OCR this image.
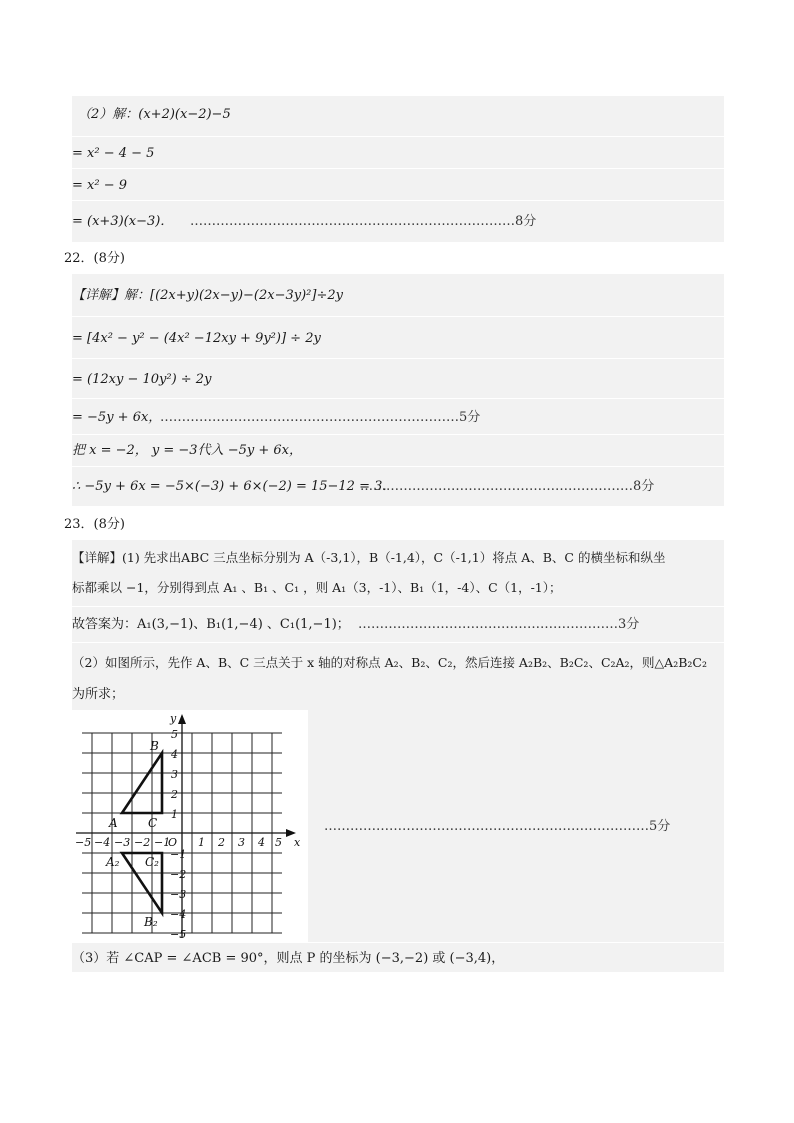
（2）解：(x+2)(x−2)−5
= x² − 4 − 5
= x² − 9
= (x+3)(x−3)． …………………………………………………………………8分
22．(8分)
【详解】解：[(2x+y)(2x−y)−(2x−3y)²]÷2y
= [4x² − y² − (4x² −12xy + 9y²)] ÷ 2y
= (12xy − 10y²) ÷ 2y
= −5y + 6x，
……………………………………………………………5分
把 x = −2， y = −3代入 −5y + 6x，
∴ −5y + 6x = −5×(−3) + 6×(−2) = 15−12 = 3．
………………………………………………………8分
23．(8分)
【详解】(1) 先求出ABC 三点坐标分别为 A（-3,1），B（-1,4），C（-1,1）将点 A、B、C 的横坐标和纵坐
标都乘以 −1，分别得到点 A₁ 、B₁ 、C₁ ，则 A₁（3，-1）、B₁（1，-4）、C（1，-1）；
故答案为：A₁(3,−1)、B₁(1,−4) 、C₁(1,−1)； ……………………………………………………3分
（2）如图所示，先作 A、B、C 三点关于 x 轴的对称点 A₂、B₂、C₂，然后连接 A₂B₂、B₂C₂、C₂A₂，则△A₂B₂C₂
为所求；
−5 −4 −3 −2 −1
O 1 2 3 4 5 x
y
5
4
3
2
1
−1
−2
−3
−4
−5
B
A	C
A₂ C₂
B₂
…………………………………………………………………5分
（3）若 ∠CAP = ∠ACB = 90°，则点 P 的坐标为 (−3,−2) 或 (−3,4)，
